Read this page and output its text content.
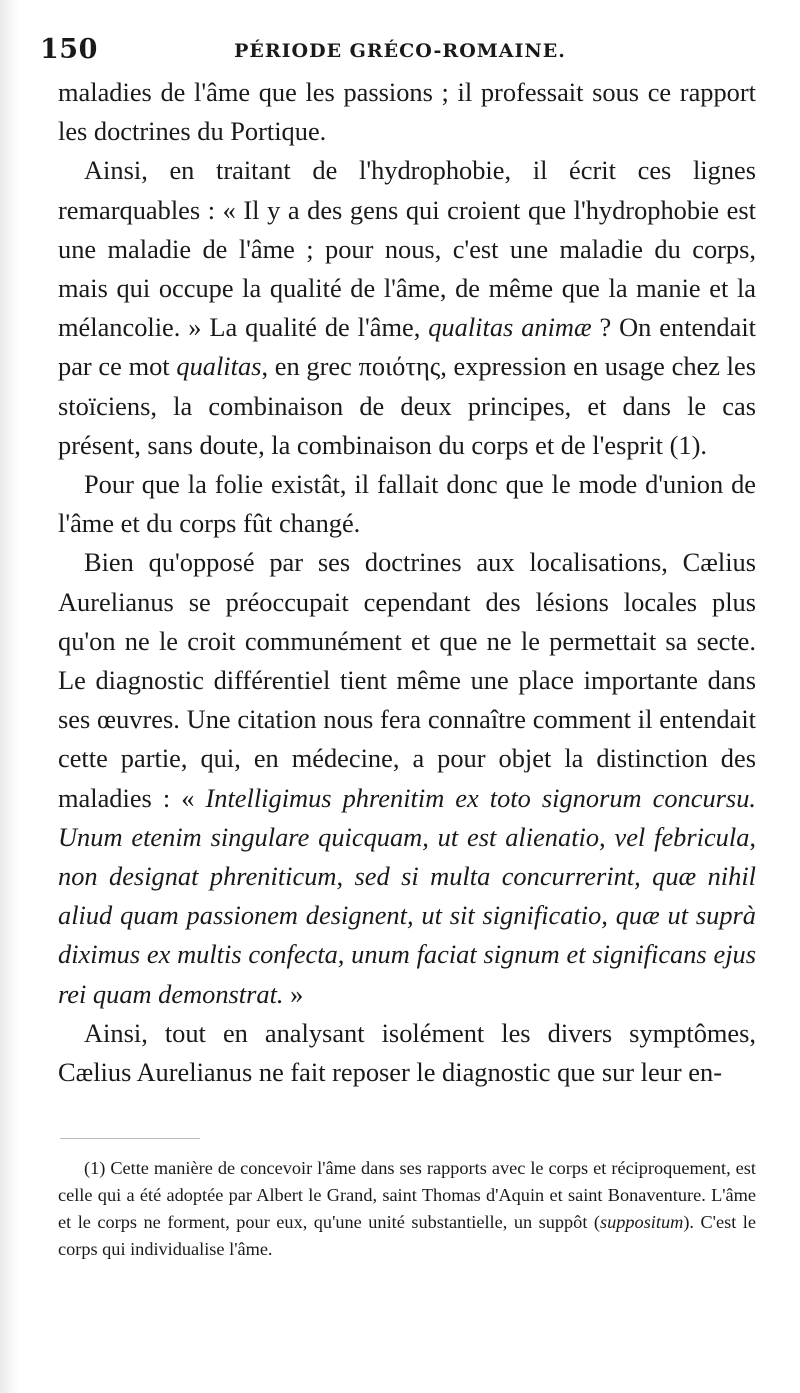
150	PÉRIODE GRÉCO-ROMAINE.

maladies de l'âme que les passions ; il professait sous ce rapport les doctrines du Portique.

Ainsi, en traitant de l'hydrophobie, il écrit ces lignes remarquables : « Il y a des gens qui croient que l'hydrophobie est une maladie de l'âme ; pour nous, c'est une maladie du corps, mais qui occupe la qualité de l'âme, de même que la manie et la mélancolie. » La qualité de l'âme, qualitas animæ ? On entendait par ce mot qualitas, en grec ποιότης, expression en usage chez les stoïciens, la combinaison de deux principes, et dans le cas présent, sans doute, la combinaison du corps et de l'esprit (1).

Pour que la folie existât, il fallait donc que le mode d'union de l'âme et du corps fût changé.

Bien qu'opposé par ses doctrines aux localisations, Cælius Aurelianus se préoccupait cependant des lésions locales plus qu'on ne le croit communément et que ne le permettait sa secte. Le diagnostic différentiel tient même une place importante dans ses œuvres. Une citation nous fera connaître comment il entendait cette partie, qui, en médecine, a pour objet la distinction des maladies : « Intelligimus phrenitim ex toto signorum concursu. Unum etenim singulare quicquam, ut est alienatio, vel febricula, non designat phreniticum, sed si multa concurrerint, quæ nihil aliud quam passionem designent, ut sit significatio, quæ ut suprà diximus ex multis confecta, unum faciat signum et significans ejus rei quam demonstrat. »

Ainsi, tout en analysant isolément les divers symptômes, Cælius Aurelianus ne fait reposer le diagnostic que sur leur en-

(1) Cette manière de concevoir l'âme dans ses rapports avec le corps et réciproquement, est celle qui a été adoptée par Albert le Grand, saint Thomas d'Aquin et saint Bonaventure. L'âme et le corps ne forment, pour eux, qu'une unité substantielle, un suppôt (suppositum). C'est le corps qui individualise l'âme.
